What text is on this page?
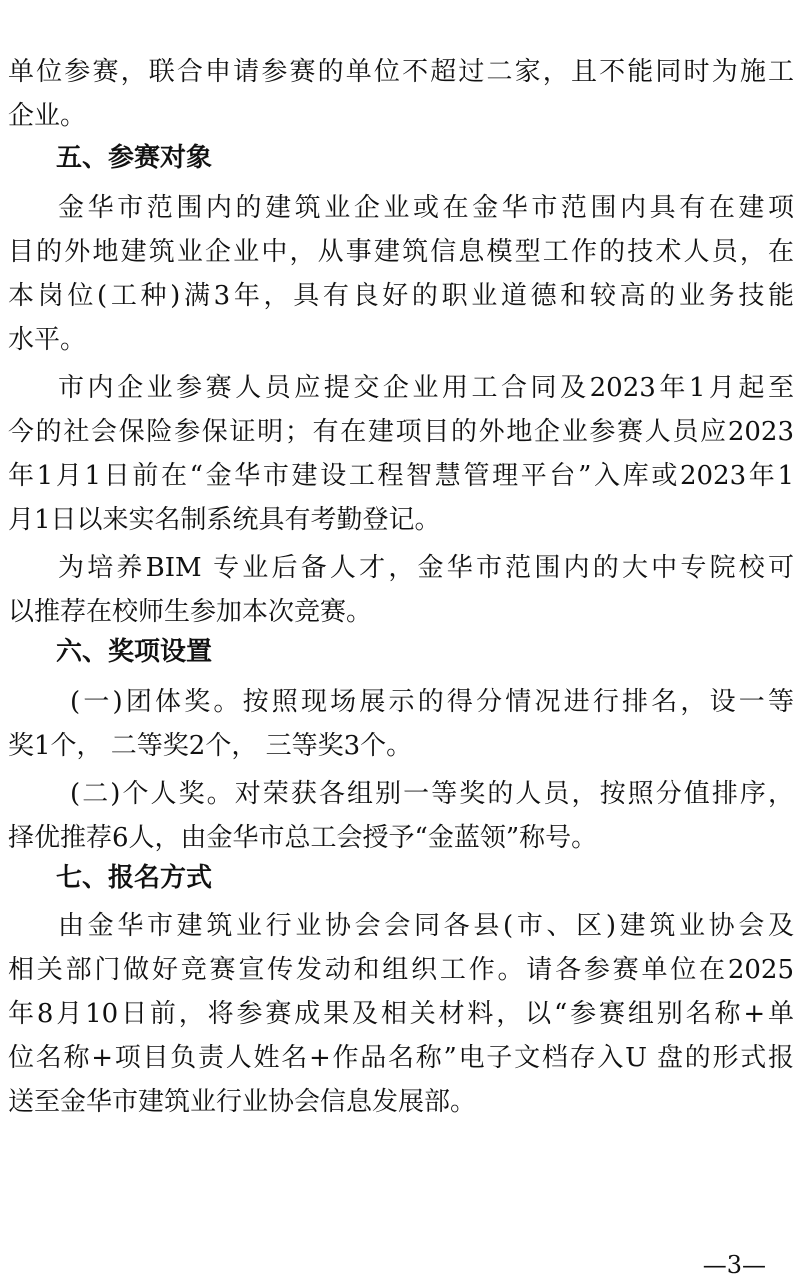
单位参赛，联合申请参赛的单位不超过二家，且不能同时为施工
企业。
五、参赛对象
金华市范围内的建筑业企业或在金华市范围内具有在建项
目的外地建筑业企业中，从事建筑信息模型工作的技术人员，在
本岗位(工种)满3年，具有良好的职业道德和较高的业务技能
水平。
市内企业参赛人员应提交企业用工合同及2023年1月起至
今的社会保险参保证明；有在建项目的外地企业参赛人员应2023
年1月1日前在“金华市建设工程智慧管理平台”入库或2023年1
月1日以来实名制系统具有考勤登记。
为培养BIM 专业后备人才，金华市范围内的大中专院校可
以推荐在校师生参加本次竞赛。
六、奖项设置
(一)团体奖。按照现场展示的得分情况进行排名，设一等
奖1个， 二等奖2个， 三等奖3个。
(二)个人奖。对荣获各组别一等奖的人员，按照分值排序，
择优推荐6人，由金华市总工会授予“金蓝领”称号。
七、报名方式
由金华市建筑业行业协会会同各县(市、区)建筑业协会及
相关部门做好竞赛宣传发动和组织工作。请各参赛单位在2025
年8月10日前，将参赛成果及相关材料，以“参赛组别名称+单
位名称+项目负责人姓名+作品名称”电子文档存入U 盘的形式报
送至金华市建筑业行业协会信息发展部。
—3—
